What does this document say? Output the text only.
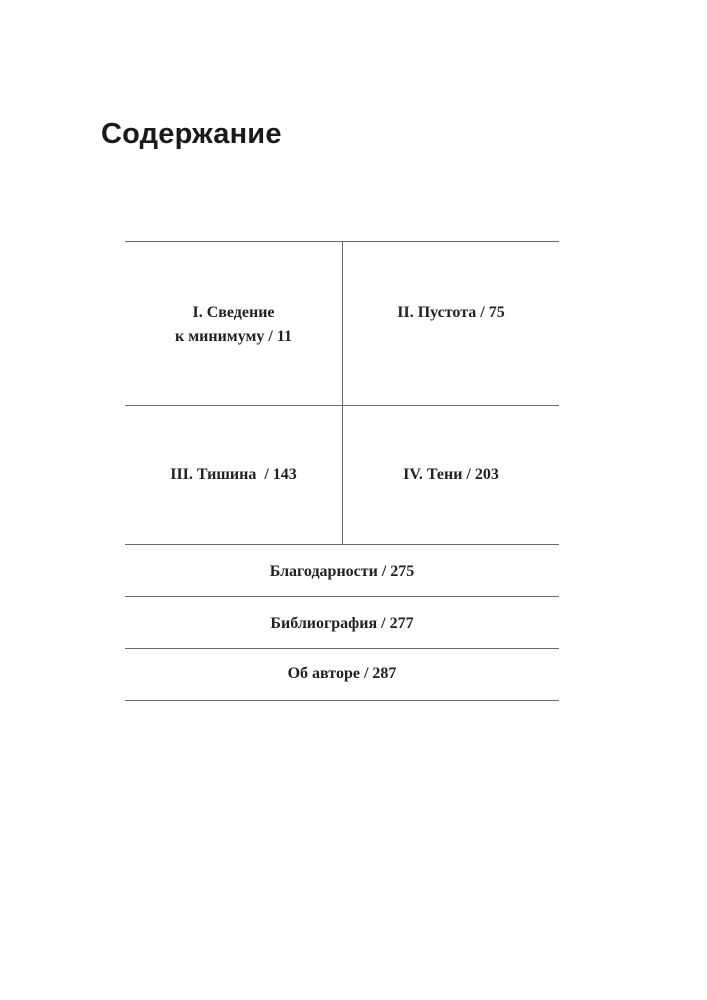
Содержание
I. Сведение
к минимуму / 11
II. Пустота / 75
III. Тишина  / 143	IV. Тени / 203
Благодарности / 275
Библиография / 277
Об авторе / 287
